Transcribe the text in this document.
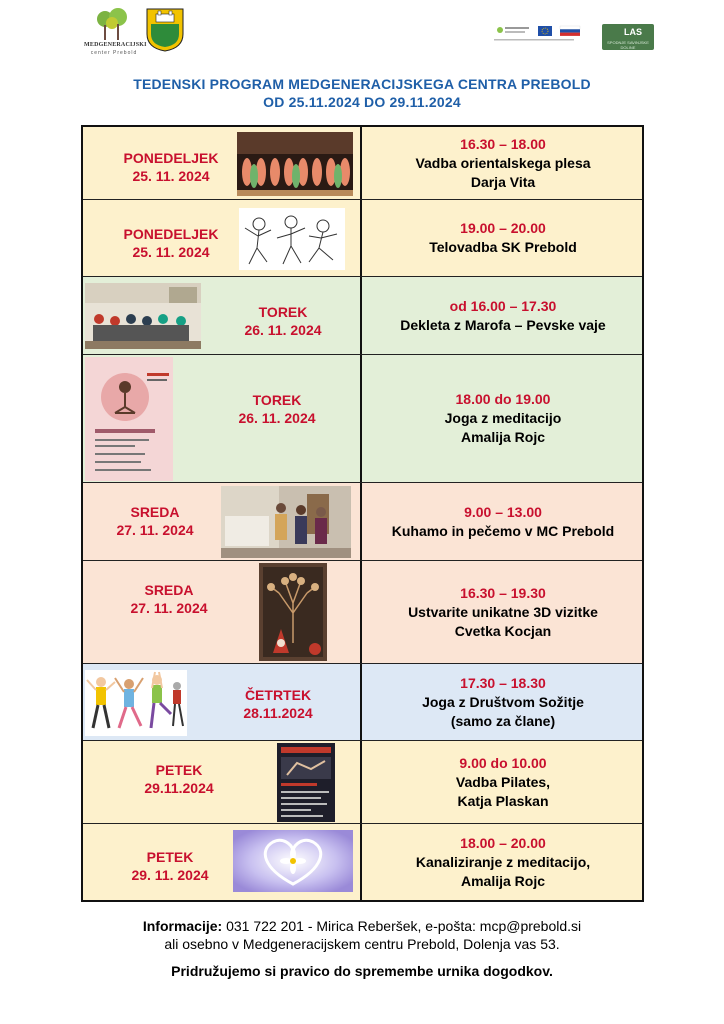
MEDGENERACIJSKI
center Prebold
LAS
SPODNJE SAVINJSKE DOLINE
TEDENSKI PROGRAM MEDGENERACIJSKEGA CENTRA PREBOLD
OD 25.11.2024 DO 29.11.2024
PONEDELJEK
25. 11. 2024
16.30 – 18.00
Vadba orientalskega plesa
Darja Vita
PONEDELJEK
25. 11. 2024
19.00 – 20.00
Telovadba SK Prebold
TOREK
26. 11. 2024
od 16.00 – 17.30
Dekleta z Marofa – Pevske vaje
TOREK
26. 11. 2024
18.00 do 19.00
Joga z meditacijo
Amalija Rojc
SREDA
27. 11. 2024
9.00 – 13.00
Kuhamo in pečemo v MC Prebold
SREDA
27. 11. 2024
16.30 – 19.30
Ustvarite unikatne 3D vizitke
Cvetka Kocjan
ČETRTEK
28.11.2024
17.30 – 18.30
Joga z Društvom Sožitje
(samo za člane)
PETEK
29.11.2024
9.00 do 10.00
Vadba Pilates,
Katja Plaskan
PETEK
29. 11. 2024
18.00 – 20.00
Kanaliziranje z meditacijo,
Amalija Rojc
Informacije: 031 722 201 - Mirica Reberšek, e-pošta: mcp@prebold.si
ali osebno v Medgeneracijskem centru Prebold, Dolenja vas 53.
Pridružujemo si pravico do spremembe urnika dogodkov.
